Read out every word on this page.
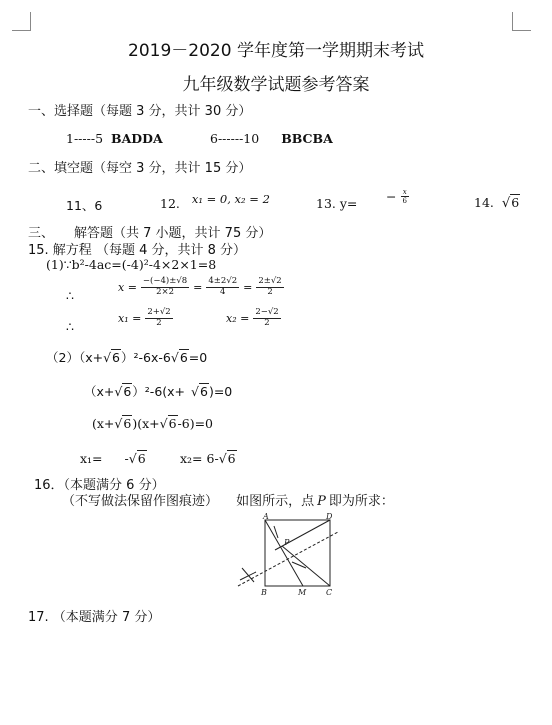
2019－2020 学年度第一学期期末考试
九年级数学试题参考答案
一、选择题（每题 3 分，共计 30 分）
1-----5 BADDA	6------10 BBCBA
二、填空题（每空 3 分，共计 15 分）
11、6	12. x₁ = 0, x₂ = 2	13. $y= - \frac{x}{6}$	14. √6
三、 解答题（共 7 小题，共计 75 分）
15. 解方程 （每题 4 分，共计 8 分）
(1)∵b²-4ac=(-4)²-4×2×1=8
∴
$x = \frac{-(-4)\pm√8}{2\times 2} = \frac{4\pm 2√2}{4} = \frac{2\pm√2}{2}$
∴
$x_1 = \frac{2+√2}{2}$	$x_2 = \frac{2-√2}{2}$
（2）（x+√6）²-6x-6√6=0
（x+√6）²-6(x+ √6)=0
(x+√6)(x+√6-6)=0
x₁= -√6	x₂= 6-√6
16．（本题满分 6 分）
（不写做法保留作图痕迹） 如图所示，点 P 即为所求：
A	D
B	M C
P
17. （本题满分 7 分）
